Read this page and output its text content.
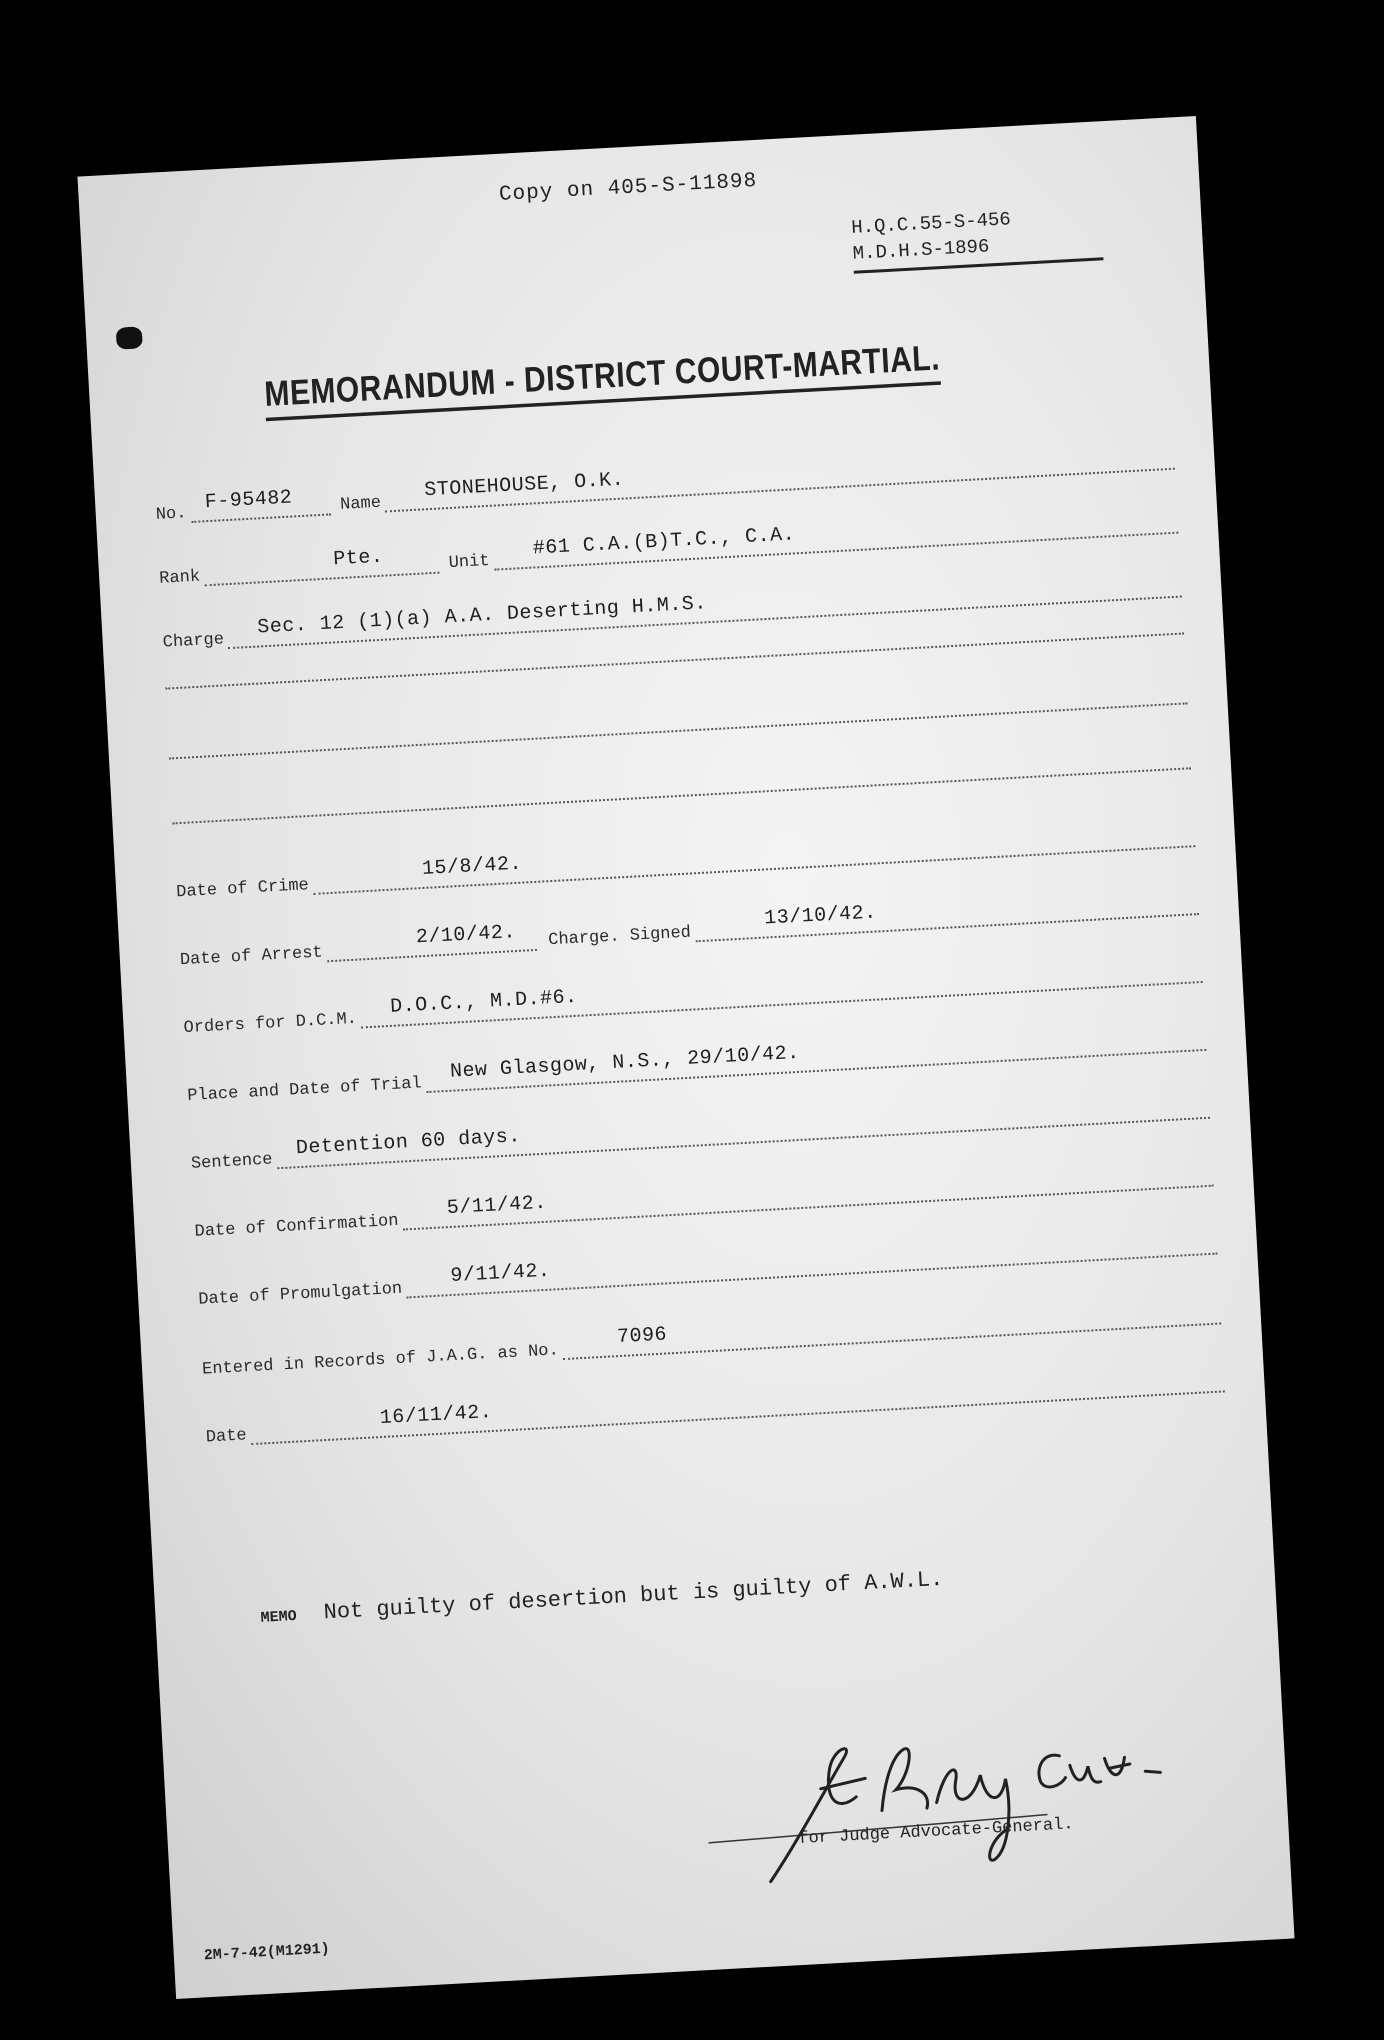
Copy on 405-S-11898
H.Q.C.55-S-456
M.D.H.S-1896
MEMORANDUM - DISTRICT COURT-MARTIAL.
No.
F-95482	Name
STONEHOUSE, O.K.
Rank
Pte.	Unit
#61 C.A.(B)T.C., C.A.
Charge
Sec. 12 (1)(a) A.A. Deserting H.M.S.
Date of Crime
15/8/42.
Date of Arrest
2/10/42.	Charge. Signed
13/10/42.
Orders for D.C.M.
D.O.C., M.D.#6.
Place and Date of Trial
New Glasgow, N.S., 29/10/42.
Sentence
Detention 60 days.
Date of Confirmation
5/11/42.
Date of Promulgation
9/11/42.
Entered in Records of J.A.G. as No.
7096
Date
16/11/42.
MEMO Not guilty of desertion but is guilty of A.W.L.
for Judge Advocate-General.
2M-7-42(M1291)
